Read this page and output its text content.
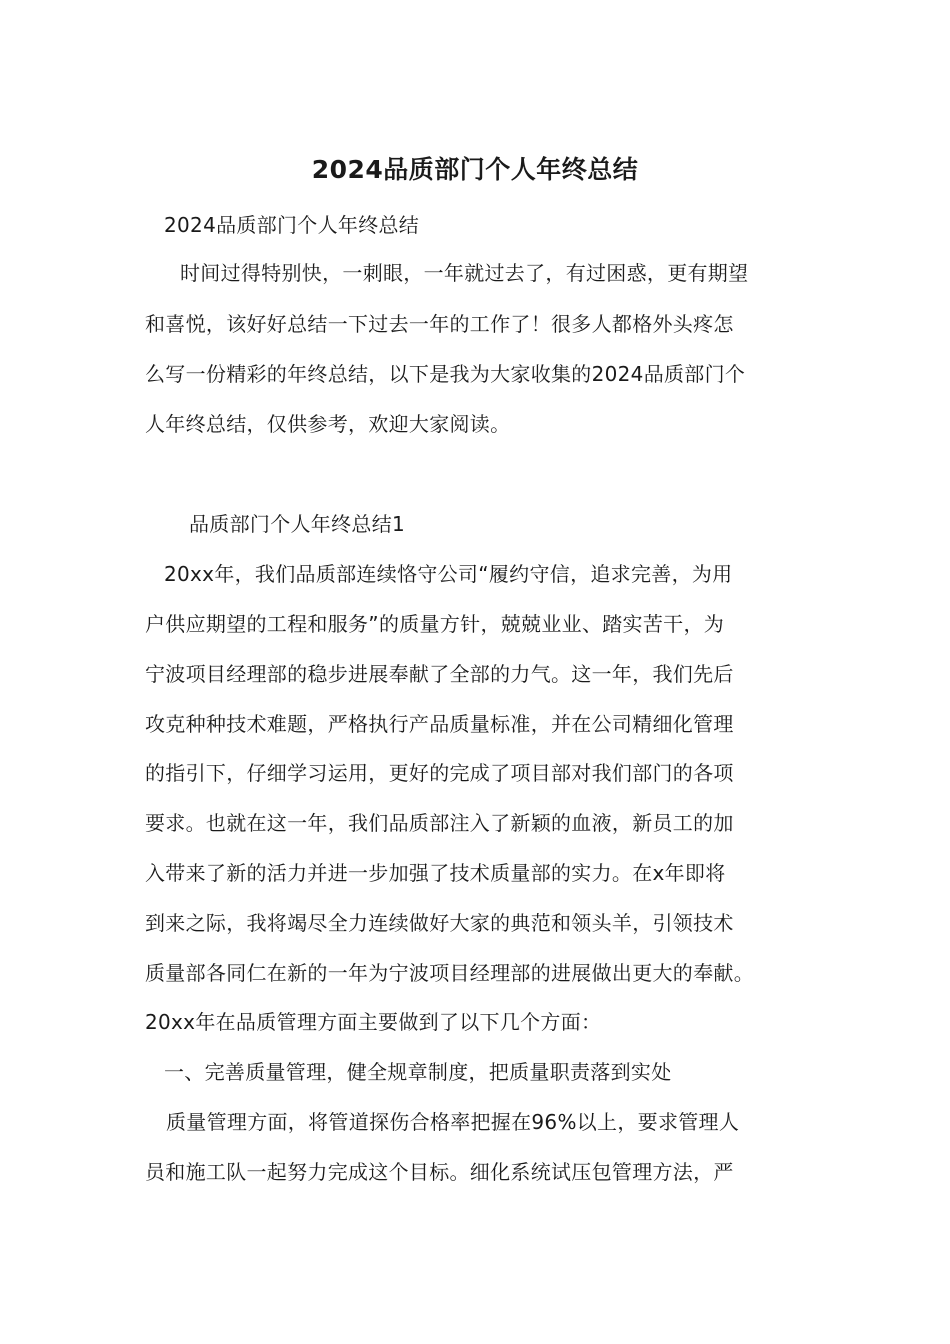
2024品质部门个人年终总结
2024品质部门个人年终总结
时间过得特别快，一刺眼，一年就过去了，有过困惑，更有期望
和喜悦，该好好总结一下过去一年的工作了！很多人都格外头疼怎
么写一份精彩的年终总结，以下是我为大家收集的2024品质部门个
人年终总结，仅供参考，欢迎大家阅读。
品质部门个人年终总结1
20xx年，我们品质部连续恪守公司“履约守信，追求完善，为用
户供应期望的工程和服务”的质量方针，兢兢业业、踏实苦干，为
宁波项目经理部的稳步进展奉献了全部的力气。这一年，我们先后
攻克种种技术难题，严格执行产品质量标准，并在公司精细化管理
的指引下，仔细学习运用，更好的完成了项目部对我们部门的各项
要求。也就在这一年，我们品质部注入了新颖的血液，新员工的加
入带来了新的活力并进一步加强了技术质量部的实力。在x年即将
到来之际，我将竭尽全力连续做好大家的典范和领头羊，引领技术
质量部各同仁在新的一年为宁波项目经理部的进展做出更大的奉献。
20xx年在品质管理方面主要做到了以下几个方面：
一、完善质量管理，健全规章制度，把质量职责落到实处
质量管理方面，将管道探伤合格率把握在96%以上，要求管理人
员和施工队一起努力完成这个目标。细化系统试压包管理方法，严
